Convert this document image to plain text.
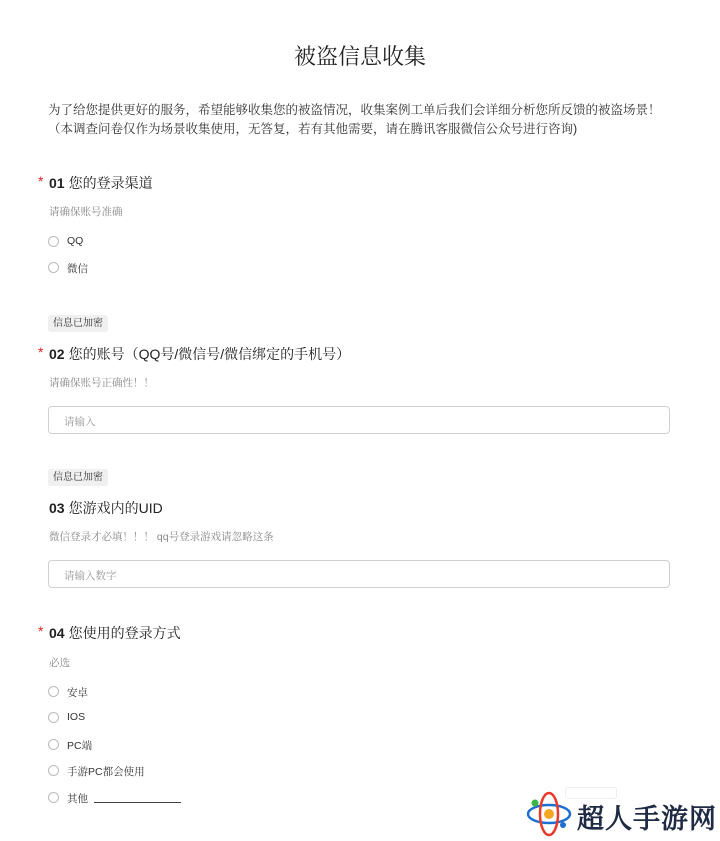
被盗信息收集
为了给您提供更好的服务，希望能够收集您的被盗情况，收集案例工单后我们会详细分析您所反馈的被盗场景！（本调查问卷仅作为场景收集使用，无答复，若有其他需要，请在腾讯客服微信公众号进行咨询)
* 01 您的登录渠道
请确保账号准确
QQ
微信
信息已加密
* 02 您的账号（QQ号/微信号/微信绑定的手机号）
请确保账号正确性！！
请输入
信息已加密
03 您游戏内的UID
微信登录才必填！！！ qq号登录游戏请忽略这条
请输入数字
* 04 您使用的登录方式
必选
安卓
IOS
PC端
手游PC都会使用
其他
超人手游网
